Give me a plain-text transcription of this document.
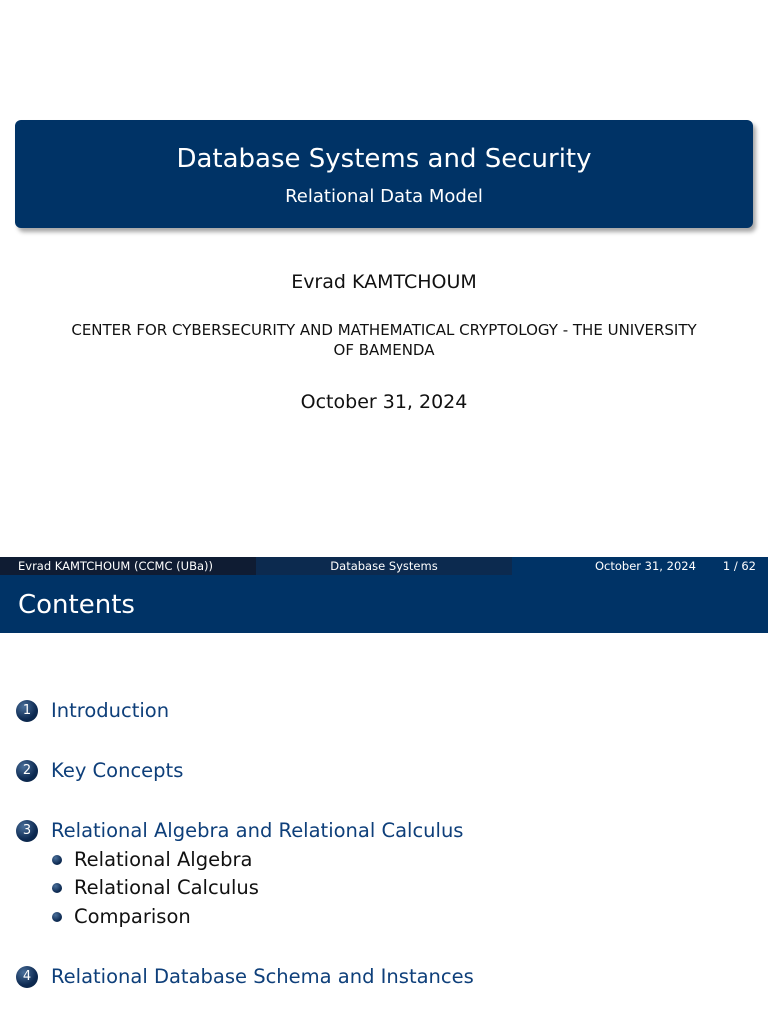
Database Systems and Security
Evrad KAMTCHOUM
CENTER FOR CYBERSECURITY AND MATHEMATICAL CRYPTOLOGY - THE UNIVERSITY OF BAMENDA
October 31, 2024
Relational Data Model
Evrad KAMTCHOUM (CCMC (UBa))	Database Systems	October 31, 2024 1 / 62
Contents
1	Introduction
2	Key Concepts
3	Relational Algebra and Relational Calculus
Relational Algebra
Relational Calculus
Comparison
4	Relational Database Schema and Instances
